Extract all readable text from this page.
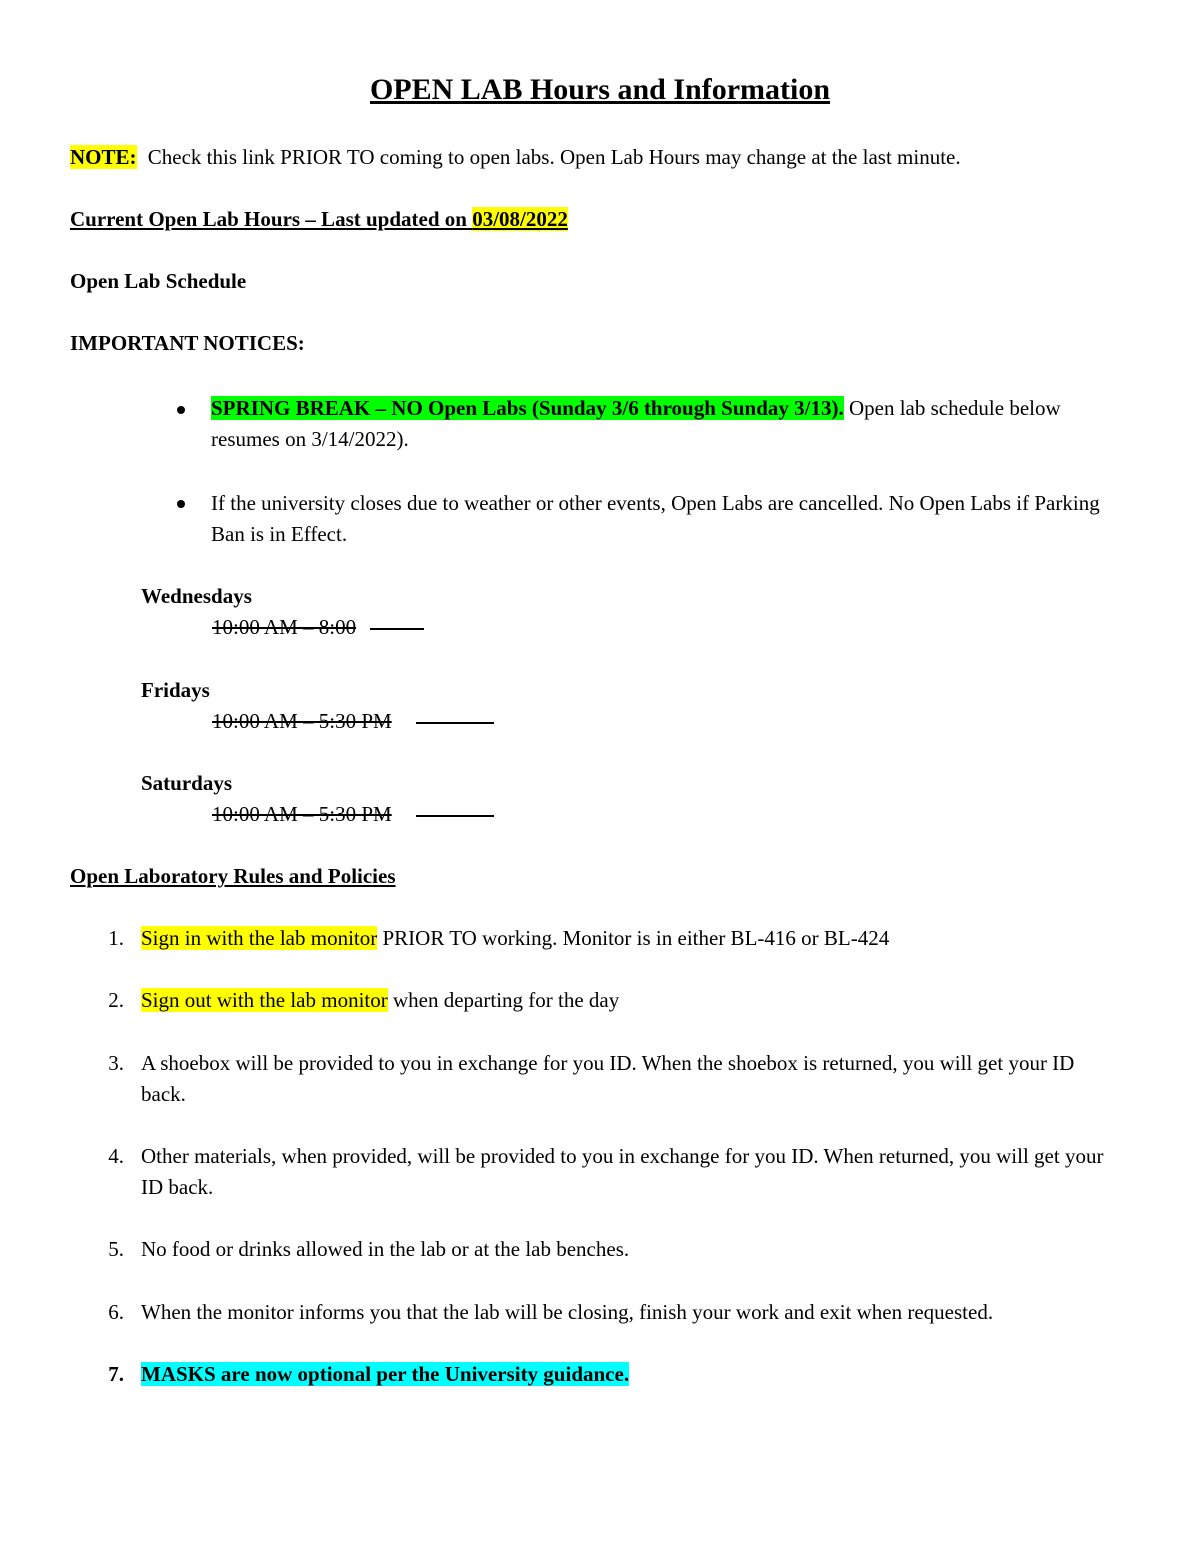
OPEN LAB Hours and Information
NOTE: Check this link PRIOR TO coming to open labs. Open Lab Hours may change at the last minute.
Current Open Lab Hours – Last updated on 03/08/2022
Open Lab Schedule
IMPORTANT NOTICES:
SPRING BREAK – NO Open Labs (Sunday 3/6 through Sunday 3/13). Open lab schedule below resumes on 3/14/2022).
If the university closes due to weather or other events, Open Labs are cancelled. No Open Labs if Parking Ban is in Effect.
Wednesdays
10:00 AM – 8:00
Fridays
10:00 AM – 5:30 PM
Saturdays
10:00 AM – 5:30 PM
Open Laboratory Rules and Policies
1. Sign in with the lab monitor PRIOR TO working. Monitor is in either BL-416 or BL-424
2. Sign out with the lab monitor when departing for the day
3. A shoebox will be provided to you in exchange for you ID. When the shoebox is returned, you will get your ID back.
4. Other materials, when provided, will be provided to you in exchange for you ID. When returned, you will get your ID back.
5. No food or drinks allowed in the lab or at the lab benches.
6. When the monitor informs you that the lab will be closing, finish your work and exit when requested.
7. MASKS are now optional per the University guidance.
